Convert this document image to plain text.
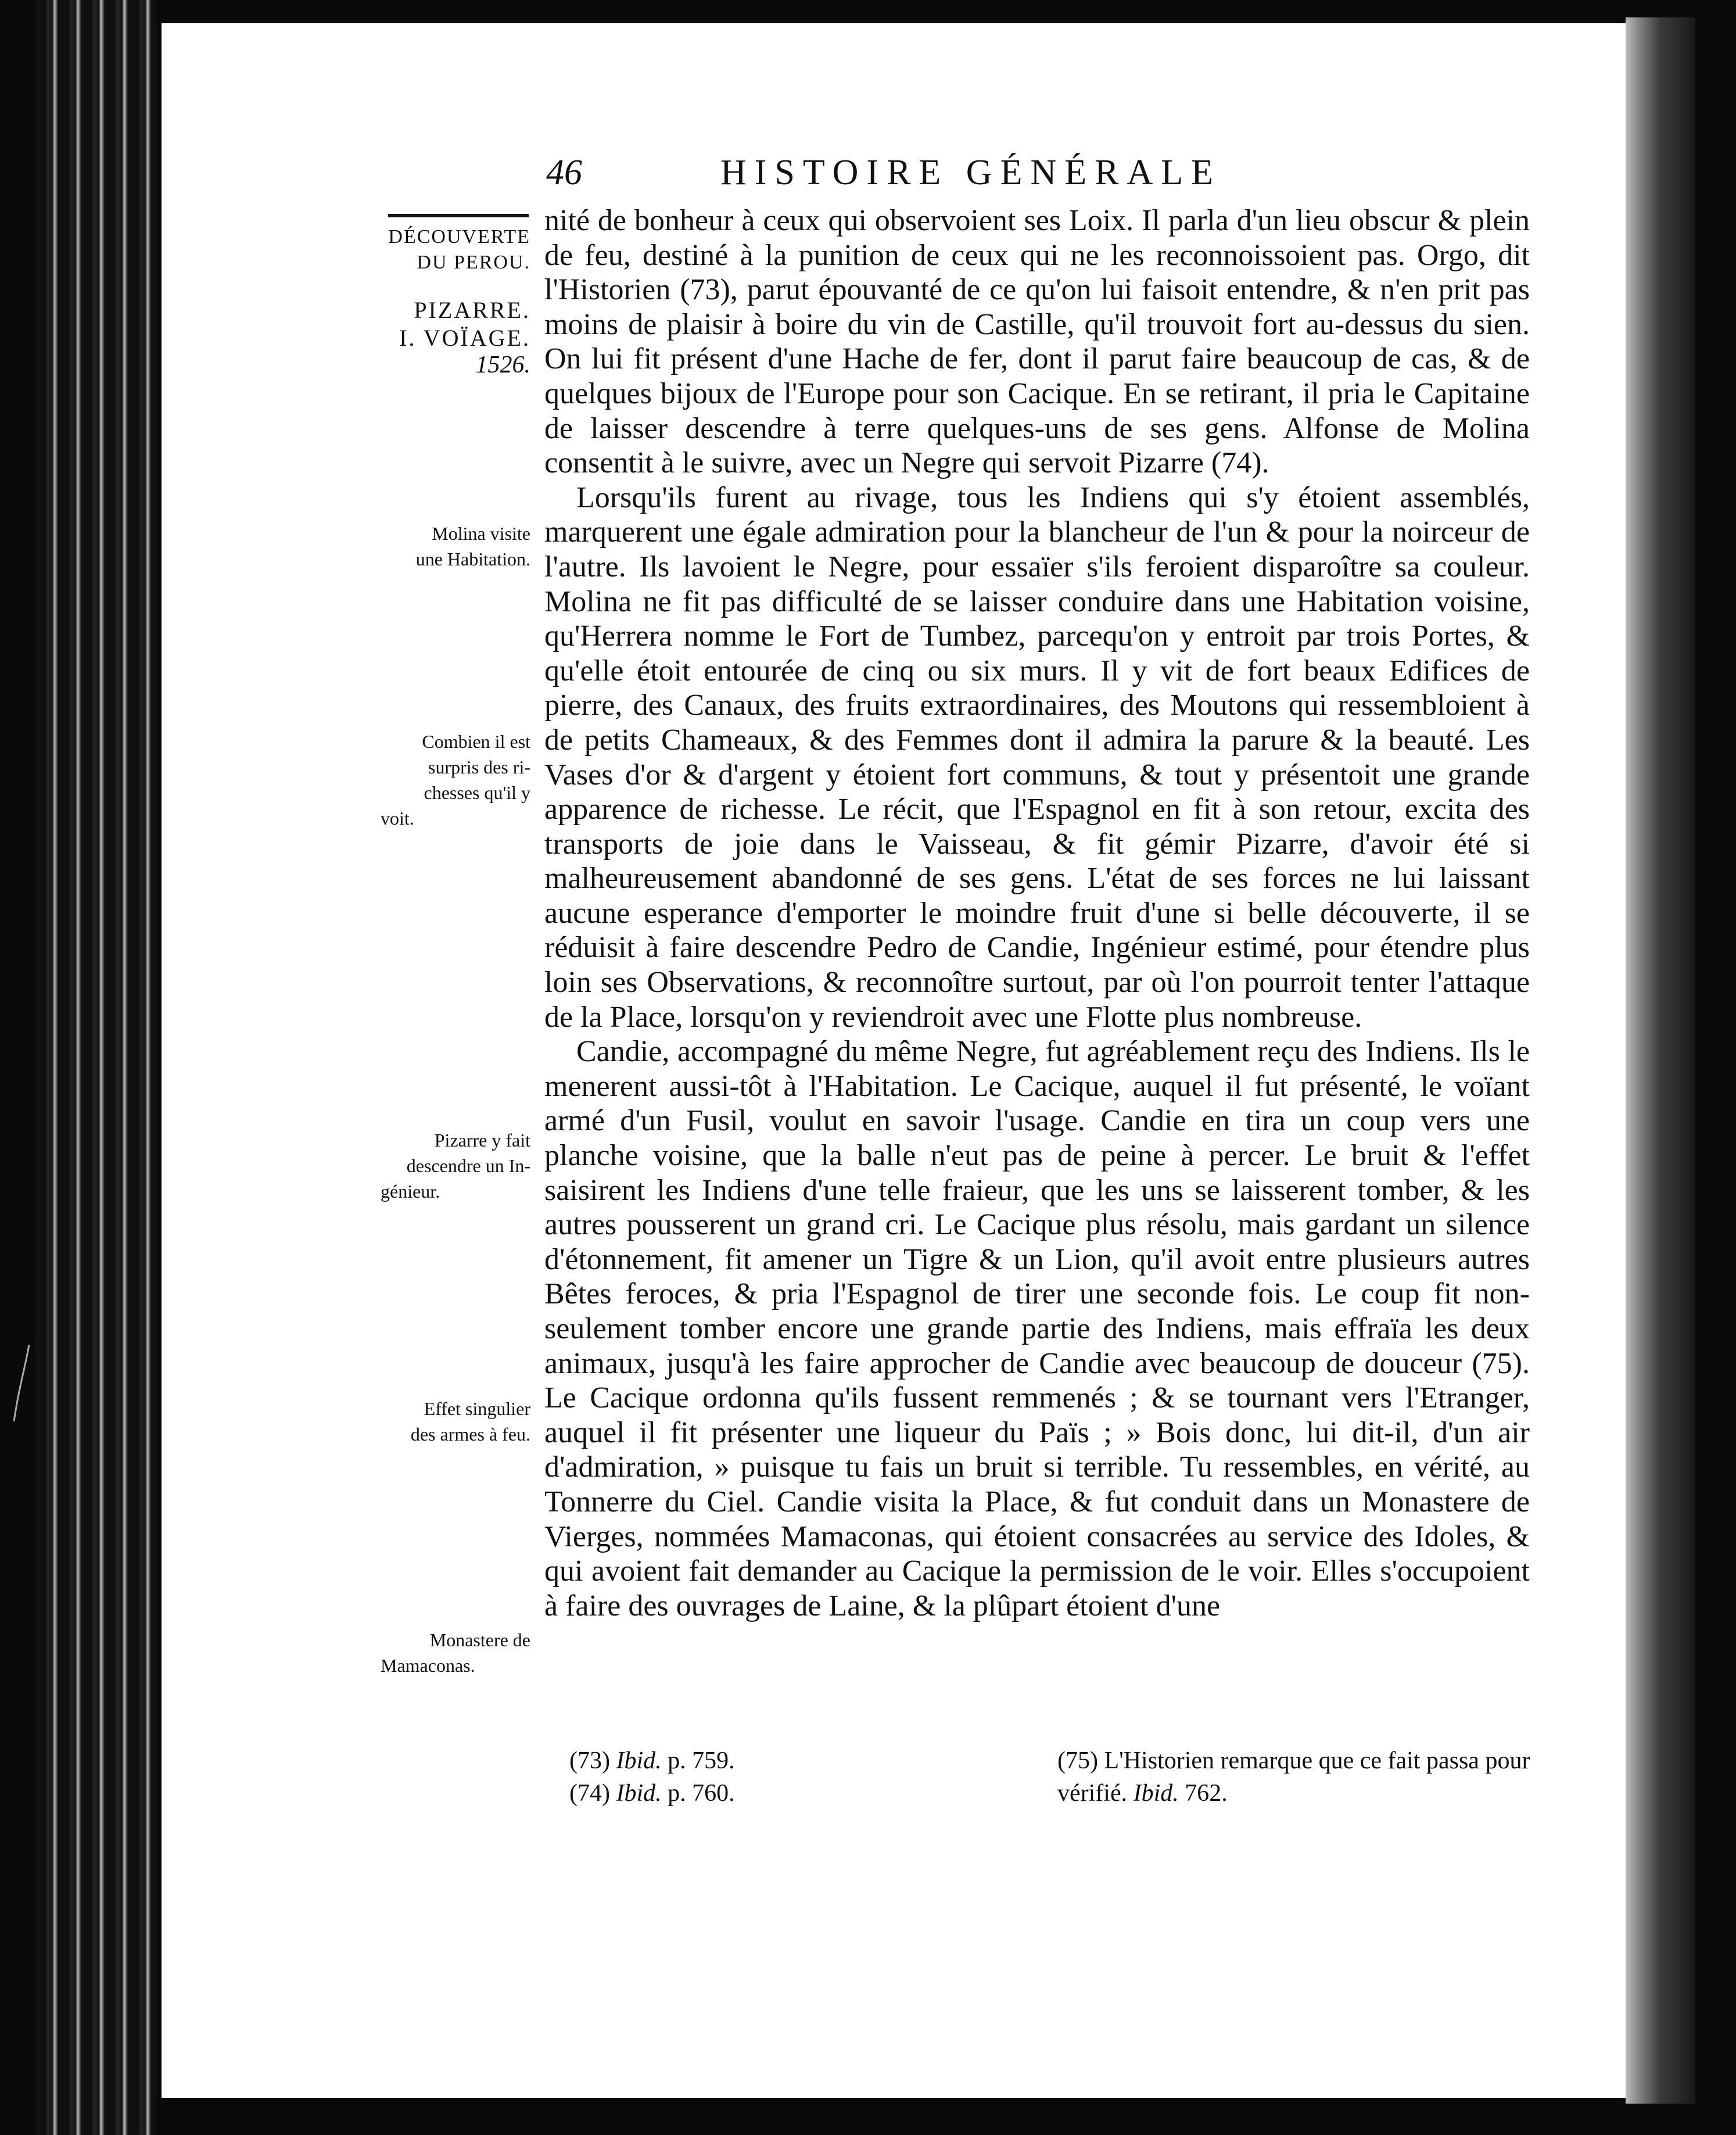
46	HISTOIRE GÉNÉRALE
DÉCOUVERTE
DU PEROU.
PIZARRE.
I. VOÏAGE.
1526.
Molina visite
une Habitation.
Combien il est
surpris des ri-
chesses qu'il y
voit.
Pizarre y fait
descendre un In-
génieur.
Effet singulier
des armes à feu.
Monastere de
Mamaconas.

nité de bonheur à ceux qui observoient ses Loix. Il parla d'un lieu obscur & plein de feu, destiné à la punition de ceux qui ne les reconnoissoient pas. Orgo, dit l'Historien (73), parut épouvanté de ce qu'on lui faisoit entendre, & n'en prit pas moins de plaisir à boire du vin de Castille, qu'il trouvoit fort au-dessus du sien. On lui fit présent d'une Hache de fer, dont il parut faire beaucoup de cas, & de quelques bijoux de l'Europe pour son Cacique. En se retirant, il pria le Capitaine de laisser descendre à terre quelques-uns de ses gens. Alfonse de Molina consentit à le suivre, avec un Negre qui servoit Pizarre (74).

Lorsqu'ils furent au rivage, tous les Indiens qui s'y étoient assemblés, marquerent une égale admiration pour la blancheur de l'un & pour la noirceur de l'autre. Ils lavoient le Negre, pour essaïer s'ils feroient disparoître sa couleur. Molina ne fit pas difficulté de se laisser conduire dans une Habitation voisine, qu'Herrera nomme le Fort de Tumbez, parcequ'on y entroit par trois Portes, & qu'elle étoit entourée de cinq ou six murs. Il y vit de fort beaux Edifices de pierre, des Canaux, des fruits extraordinaires, des Moutons qui ressembloient à de petits Chameaux, & des Femmes dont il admira la parure & la beauté. Les Vases d'or & d'argent y étoient fort communs, & tout y présentoit une grande apparence de richesse. Le récit, que l'Espagnol en fit à son retour, excita des transports de joie dans le Vaisseau, & fit gémir Pizarre, d'avoir été si malheureusement abandonné de ses gens. L'état de ses forces ne lui laissant aucune esperance d'emporter le moindre fruit d'une si belle découverte, il se réduisit à faire descendre Pedro de Candie, Ingénieur estimé, pour étendre plus loin ses Observations, & reconnoître surtout, par où l'on pourroit tenter l'attaque de la Place, lorsqu'on y reviendroit avec une Flotte plus nombreuse.

Candie, accompagné du même Negre, fut agréablement reçu des Indiens. Ils le menerent aussi-tôt à l'Habitation. Le Cacique, auquel il fut présenté, le voïant armé d'un Fusil, voulut en savoir l'usage. Candie en tira un coup vers une planche voisine, que la balle n'eut pas de peine à percer. Le bruit & l'effet saisirent les Indiens d'une telle fraieur, que les uns se laisserent tomber, & les autres pousserent un grand cri. Le Cacique plus résolu, mais gardant un silence d'étonnement, fit amener un Tigre & un Lion, qu'il avoit entre plusieurs autres Bêtes feroces, & pria l'Espagnol de tirer une seconde fois. Le coup fit non-seulement tomber encore une grande partie des Indiens, mais effraïa les deux animaux, jusqu'à les faire approcher de Candie avec beaucoup de douceur (75). Le Cacique ordonna qu'ils fussent remmenés ; & se tournant vers l'Etranger, auquel il fit présenter une liqueur du Païs ; » Bois donc, lui dit-il, d'un air d'admiration, » puisque tu fais un bruit si terrible. Tu ressembles, en vérité, au Tonnerre du Ciel. Candie visita la Place, & fut conduit dans un Monastere de Vierges, nommées Mamaconas, qui étoient consacrées au service des Idoles, & qui avoient fait demander au Cacique la permission de le voir. Elles s'occupoient à faire des ouvrages de Laine, & la plûpart étoient d'une

(73) Ibid. p. 759.
(74) Ibid. p. 760.
(75) L'Historien remarque que ce fait passa pour vérifié. Ibid. 762.
